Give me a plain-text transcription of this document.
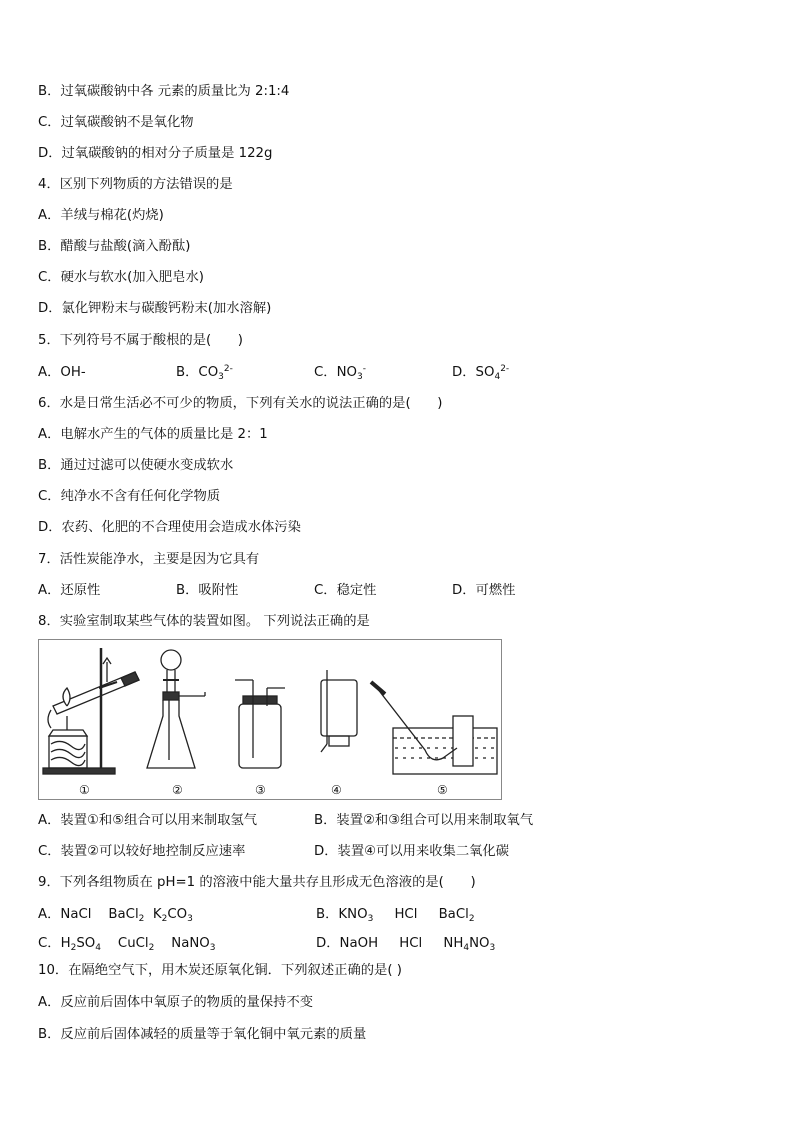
B．过氧碳酸钠中各 元素的质量比为 2:1:4
C．过氧碳酸钠不是氧化物
D．过氧碳酸钠的相对分子质量是 122g
4．区别下列物质的方法错误的是
A．羊绒与棉花(灼烧)
B．醋酸与盐酸(滴入酚酞)
C．硬水与软水(加入肥皂水)
D．氯化钾粉末与碳酸钙粉末(加水溶解)
5．下列符号不属于酸根的是(　　)
A．OH-	B．$CO_3^{2-}$	C．$NO_3^-$	D．$SO_4^{2-}$
6．水是日常生活必不可少的物质，下列有关水的说法正确的是(　　)
A．电解水产生的气体的质量比是 2：1
B．通过过滤可以使硬水变成软水
C．纯净水不含有任何化学物质
D．农药、化肥的不合理使用会造成水体污染
7．活性炭能净水，主要是因为它具有
A．还原性	B．吸附性	C．稳定性	D．可燃性
8．实验室制取某些气体的装置如图。 下列说法正确的是
①	②	③	④	⑤
A．装置①和⑤组合可以用来制取氢气	B．装置②和③组合可以用来制取氧气
C．装置②可以较好地控制反应速率	D．装置④可以用来收集二氧化碳
9．下列各组物质在 pH=1 的溶液中能大量共存且形成无色溶液的是(　　)
A．NaCl BaCl$_2$ $K_2CO_3$	B．$KNO_3$ HCl BaCl$_2$
C．$H_2SO_4$ CuCl$_2$ NaNO$_3$	D．NaOH HCl $NH_4NO_3$
10．在隔绝空气下，用木炭还原氧化铜．下列叙述正确的是( )
A．反应前后固体中氧原子的物质的量保持不变
B．反应前后固体减轻的质量等于氧化铜中氧元素的质量
